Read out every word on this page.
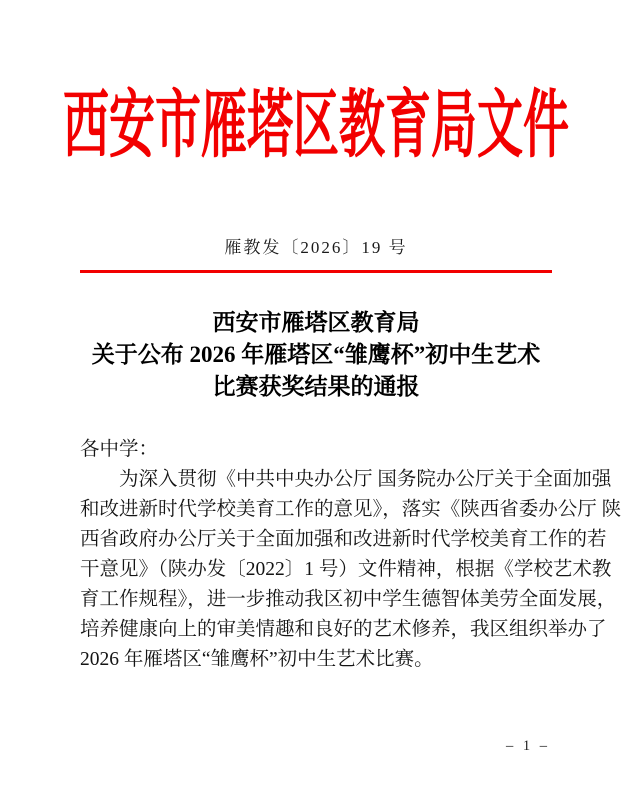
西安市雁塔区教育局文件
雁教发〔2026〕19 号
西安市雁塔区教育局
关于公布 2026 年雁塔区“雏鹰杯”初中生艺术
比赛获奖结果的通报
各中学：
为深入贯彻《中共中央办公厅 国务院办公厅关于全面加强
和改进新时代学校美育工作的意见》，落实《陕西省委办公厅 陕
西省政府办公厅关于全面加强和改进新时代学校美育工作的若
干意见》（陕办发〔2022〕1 号）文件精神，根据《学校艺术教
育工作规程》，进一步推动我区初中学生德智体美劳全面发展，
培养健康向上的审美情趣和良好的艺术修养，我区组织举办了
2026 年雁塔区“雏鹰杯”初中生艺术比赛。
– 1 –
